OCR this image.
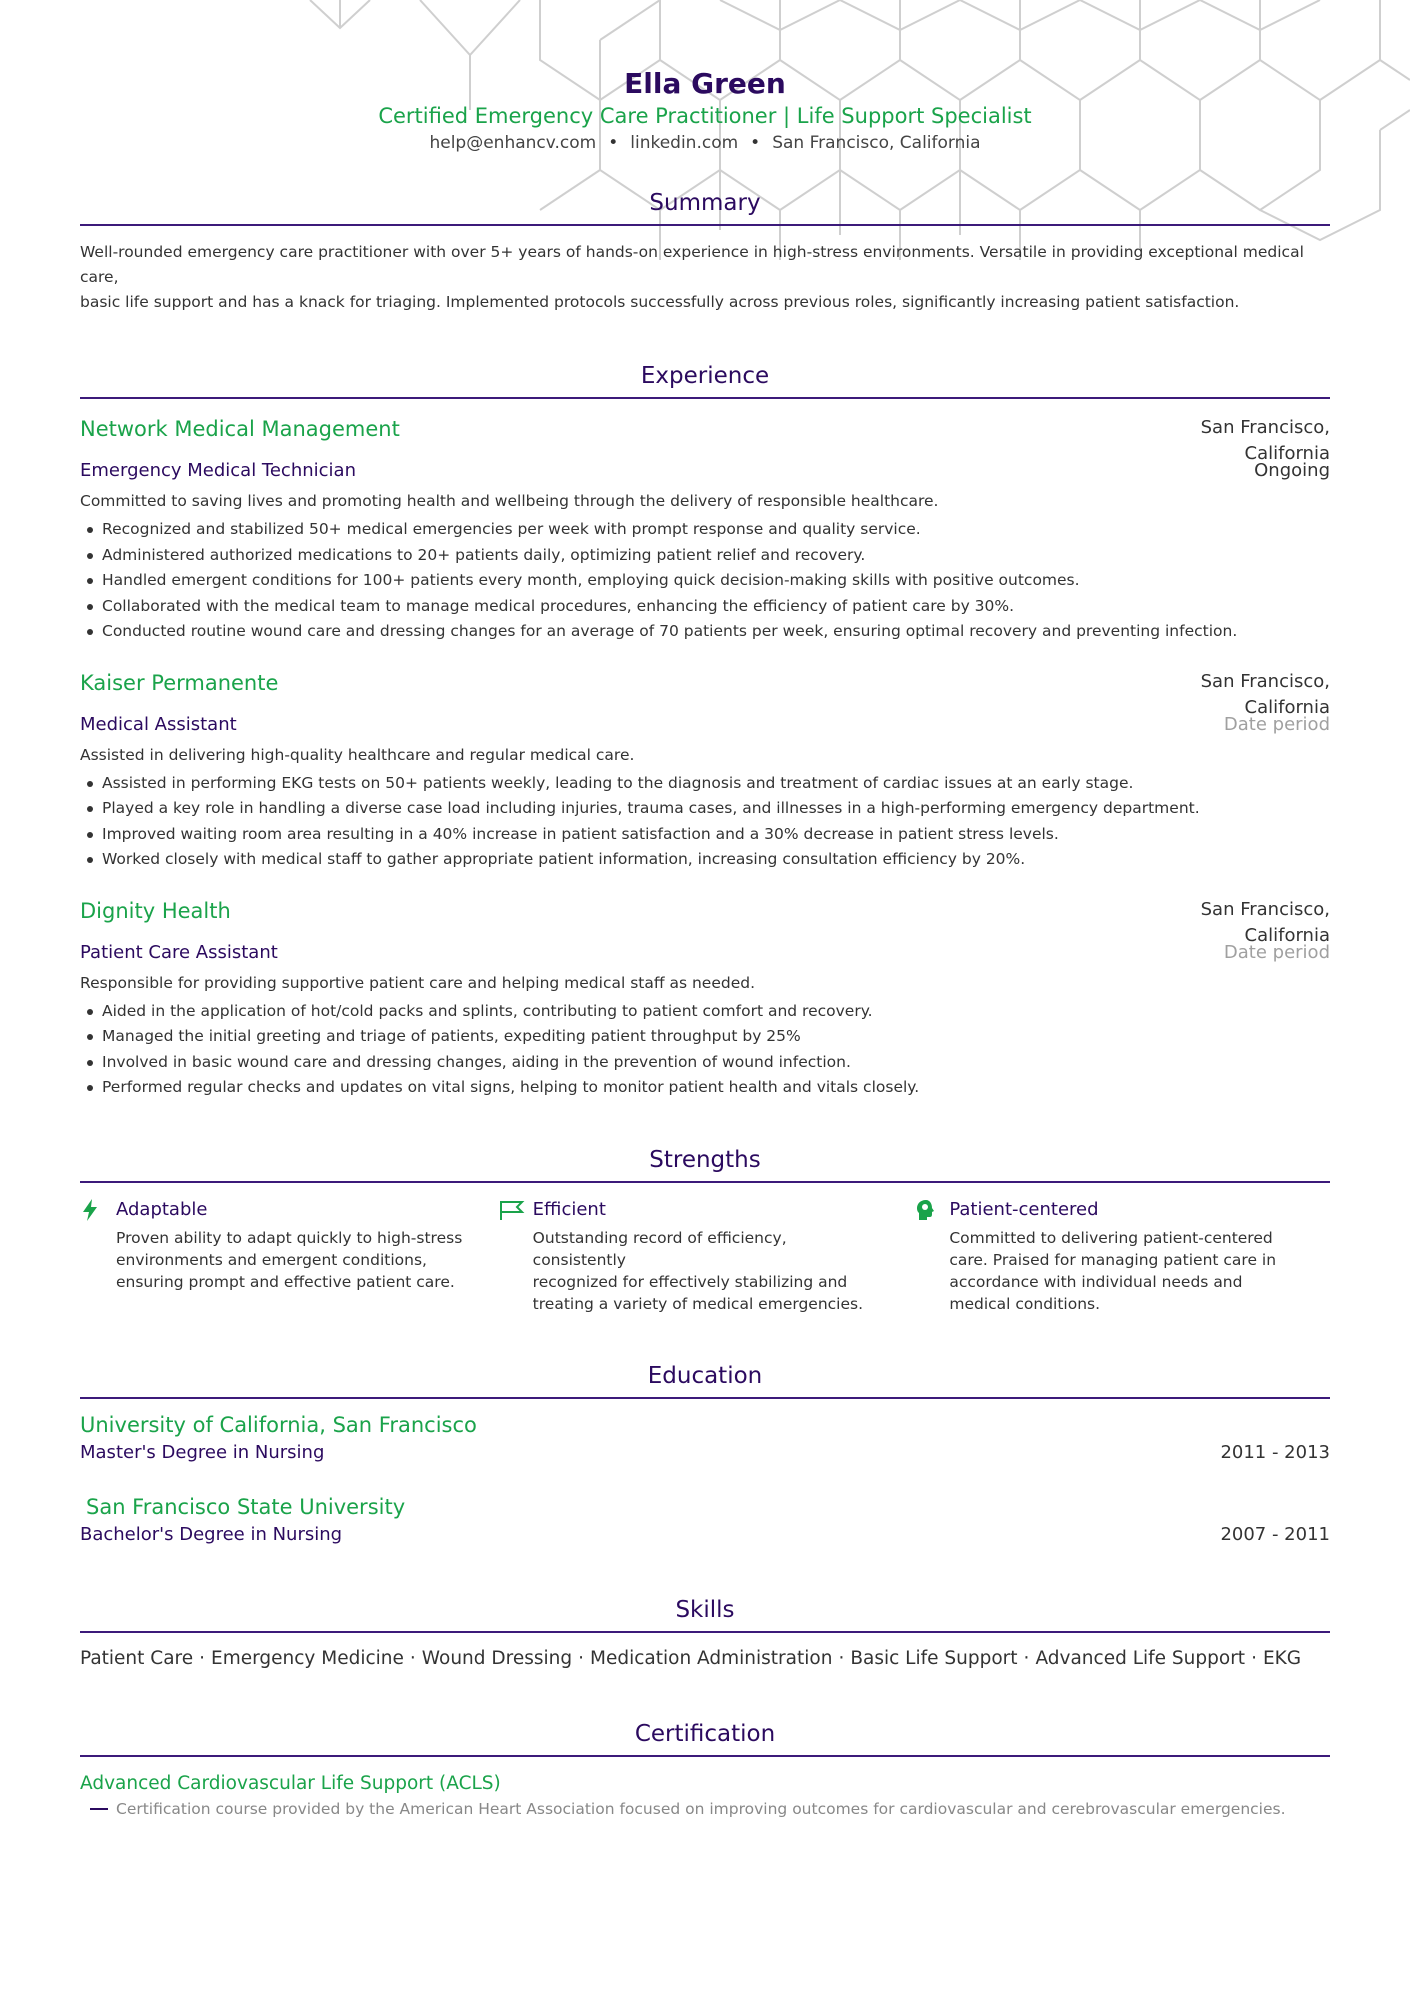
Ella Green
Certified Emergency Care Practitioner | Life Support Specialist
help@enhancv.com • linkedin.com • San Francisco, California
Summary
Well-rounded emergency care practitioner with over 5+ years of hands-on experience in high-stress environments. Versatile in providing exceptional medical care,
basic life support and has a knack for triaging. Implemented protocols successfully across previous roles, significantly increasing patient satisfaction.
Experience
Network Medical Management	San Francisco,
California
Emergency Medical Technician	Ongoing
Committed to saving lives and promoting health and wellbeing through the delivery of responsible healthcare.
Recognized and stabilized 50+ medical emergencies per week with prompt response and quality service.
Administered authorized medications to 20+ patients daily, optimizing patient relief and recovery.
Handled emergent conditions for 100+ patients every month, employing quick decision-making skills with positive outcomes.
Collaborated with the medical team to manage medical procedures, enhancing the efficiency of patient care by 30%.
Conducted routine wound care and dressing changes for an average of 70 patients per week, ensuring optimal recovery and preventing infection.
Kaiser Permanente	San Francisco,
California
Medical Assistant	Date period
Assisted in delivering high-quality healthcare and regular medical care.
Assisted in performing EKG tests on 50+ patients weekly, leading to the diagnosis and treatment of cardiac issues at an early stage.
Played a key role in handling a diverse case load including injuries, trauma cases, and illnesses in a high-performing emergency department.
Improved waiting room area resulting in a 40% increase in patient satisfaction and a 30% decrease in patient stress levels.
Worked closely with medical staff to gather appropriate patient information, increasing consultation efficiency by 20%.
Dignity Health	San Francisco,
California
Patient Care Assistant	Date period
Responsible for providing supportive patient care and helping medical staff as needed.
Aided in the application of hot/cold packs and splints, contributing to patient comfort and recovery.
Managed the initial greeting and triage of patients, expediting patient throughput by 25%
Involved in basic wound care and dressing changes, aiding in the prevention of wound infection.
Performed regular checks and updates on vital signs, helping to monitor patient health and vitals closely.
Strengths
Adaptable
Proven ability to adapt quickly to high-stress
environments and emergent conditions,
ensuring prompt and effective patient care.
Efficient
Outstanding record of efficiency, consistently
recognized for effectively stabilizing and
treating a variety of medical emergencies.
Patient-centered
Committed to delivering patient-centered
care. Praised for managing patient care in
accordance with individual needs and
medical conditions.
Education
University of California, San Francisco
Master's Degree in Nursing	2011 - 2013
San Francisco State University
Bachelor's Degree in Nursing	2007 - 2011
Skills
Patient Care · Emergency Medicine · Wound Dressing · Medication Administration · Basic Life Support · Advanced Life Support · EKG
Certification
Advanced Cardiovascular Life Support (ACLS)
Certification course provided by the American Heart Association focused on improving outcomes for cardiovascular and cerebrovascular emergencies.
